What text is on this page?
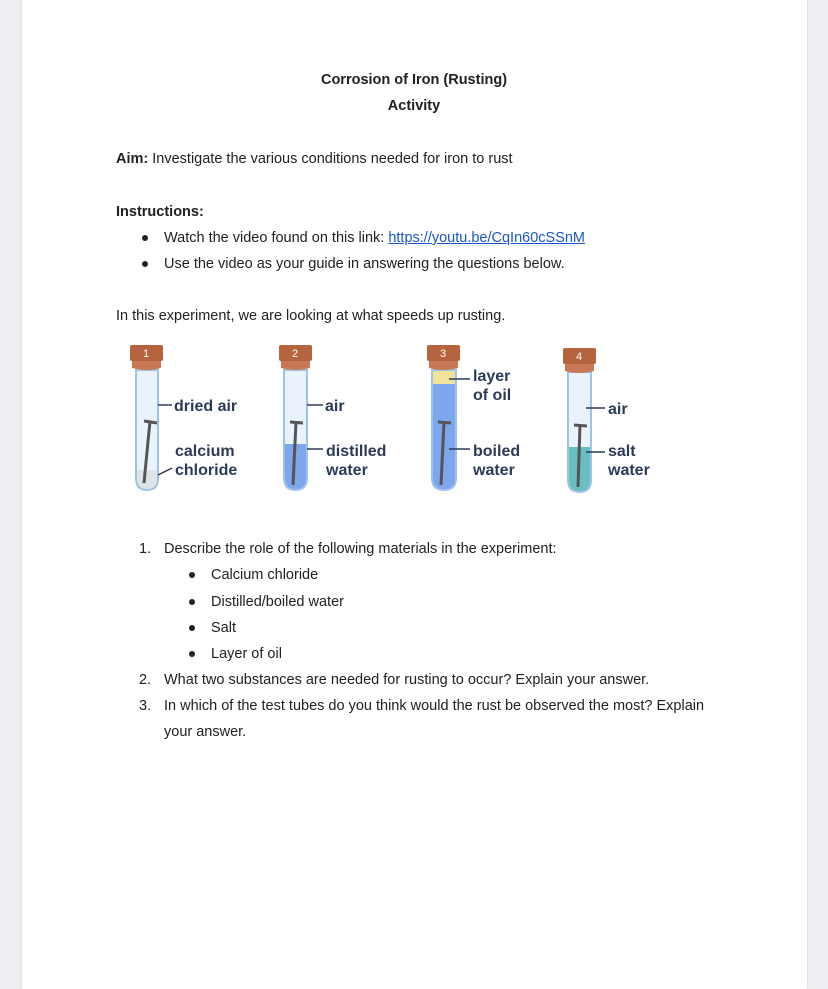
Corrosion of Iron (Rusting)
Activity
Aim: Investigate the various conditions needed for iron to rust
Instructions:
Watch the video found on this link: https://youtu.be/CqIn60cSSnM
Use the video as your guide in answering the questions below.
In this experiment, we are looking at what speeds up rusting.
1
dried air
calcium
chloride
2
air
distilled
water
3
layer
of oil
boiled
water
4
air
salt
water
1. Describe the role of the following materials in the experiment:
Calcium chloride
Distilled/boiled water
Salt
Layer of oil
2. What two substances are needed for rusting to occur? Explain your answer.
3. In which of the test tubes do you think would the rust be observed the most? Explain
your answer.
